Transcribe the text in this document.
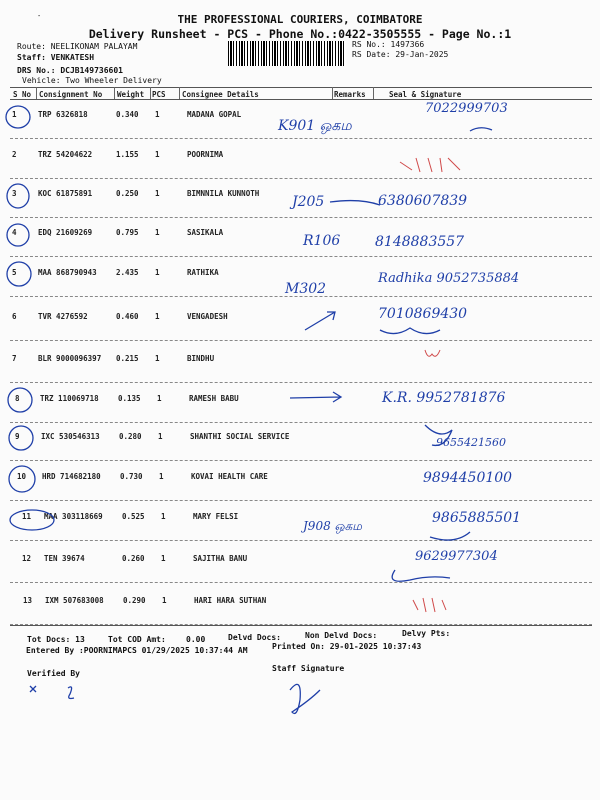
-	THE PROFESSIONAL COURIERS, COIMBATORE
Delivery Runsheet - PCS - Phone No.:0422-3505555 - Page No.:1
Route: NEELIKONAM PALAYAM
Staff: VENKATESH
DRS No.: DCJB149736601
Vehicle: Two Wheeler Delivery
RS No.: 1497366
RS Date: 29-Jan-2025
S No Consignment No Weight PCS Consignee Details	Remarks	Seal & Signature
1	TRP 6326818	0.340 1	MADANA GOPAL
2	TRZ 54204622	1.155 1	POORNIMA
3	KOC 61875891	0.250 1	BIMNNILA KUNNOTH
4	EDQ 21609269	0.795 1	SASIKALA
5	MAA 868790943	2.435 1	RATHIKA
6	TVR 4276592	0.460 1	VENGADESH
7	BLR 9000096397 0.215 1	BINDHU
8	TRZ 110069718	0.135 1	RAMESH BABU
9	IXC 530546313	0.280 1	SHANTHI SOCIAL SERVICE
10 HRD 714682180	0.730 1	KOVAI HEALTH CARE
11 MAA 303118669	0.525 1	MARY FELSI
12 TEN 39674	0.260 1	SAJITHA BANU
13 IXM 507683008	0.290 1	HARI HARA SUTHAN
Tot Docs: 13	Tot COD Amt:	0.00	Delvd Docs:	Non Delvd Docs:	Delvy Pts:
Entered By :POORNIMAPCS 01/29/2025 10:37:44 AM	Printed On: 29-01-2025 10:37:43
Staff Signature
Verified By
K901 ஒகம
7022999703
J205	6380607839
R106 8148883557
M302
Radhika 9052735884
7010869430
K.R. 9952781876
9655421560
9894450100
J908 ஒகம	9865885501
9629977304
